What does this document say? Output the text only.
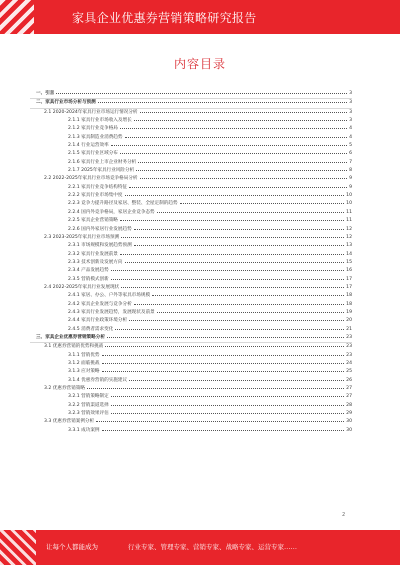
家具企业优惠券营销策略研究报告
内容目录
一、引言	3
二、家具行业市场分析与预测	3
2.1 2020-2024年家具行业市场运行情况分析	3
2.1.1 家具行业市场收入及增长	3
2.1.2 家具行业竞争格局	4
2.1.3 家具制造业消费趋势	4
2.1.4 行业运营效率	5
2.1.5 家具行业区域分布	6
2.1.6 家具行业上市企业财务分析	7
2.1.7 2025年家具行业风险分析	8
2.2 2022-2025年家具行业市场竞争格局分析	9
2.2.1 家具行业竞争结构特征	9
2.2.2 家具行业市场集中度	10
2.2.3 竞争力提升路径及家居、整装、全屋定制的趋势	10
2.2.4 国内外竞争格局，家居企业竞争态势	11
2.2.5 家具企业营销策略	11
2.2.6 国内外家居行业发展趋势	12
2.3 2023-2025年家具行业市场预测	12
2.3.1 市场规模和发展趋势预测	13
2.3.2 家具行业发展前景	14
2.3.3 技术创新及发展方向	15
2.3.4 产品发展趋势	16
2.3.5 营销模式创新	17
2.4 2022-2025年家具行业发展现状	17
2.4.1 家居、办公、户外等家具市场规模	18
2.4.2 家具企业发展与竞争分析	18
2.4.3 家具行业发展趋势，发展现状及前景	19
2.4.4 家具行业政策环境分析	20
2.4.5 消费者需求变化	21
三、家具企业优惠券营销策略分析	23
3.1 优惠券营销的优势和挑战	23
3.1.1 营销优势	23
3.1.2 面临挑战	24
3.1.3 应对策略	25
3.1.4 优惠券营销的实施建议	26
3.2 优惠券营销策略	27
3.2.1 营销策略制定	27
3.2.2 营销渠道选择	28
3.2.3 营销效果评估	29
3.3 优惠券营销案例分析	30
3.3.1 成功案例	30
2
让每个人都能成为	行业专家、管理专家、营销专家、战略专家、运营专家……
